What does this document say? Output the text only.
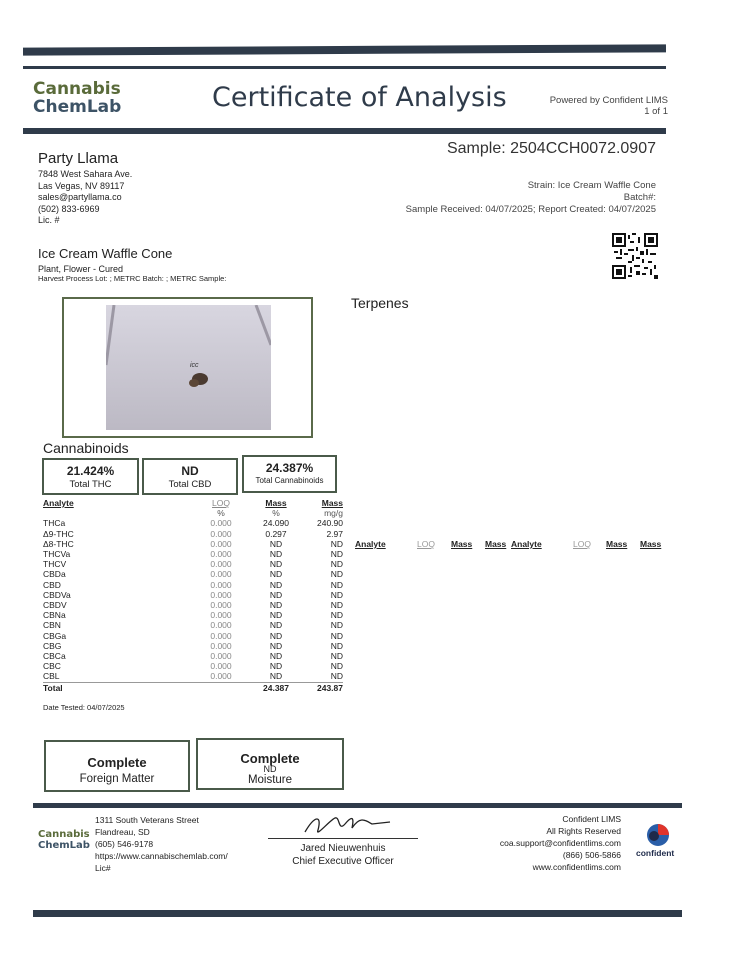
Cannabis
ChemLab	Certificate of Analysis	Powered by Confident LIMS
1 of 1
Party Llama
7848 West Sahara Ave.
Las Vegas, NV 89117
sales@partyllama.co
(502) 833-6969
Lic. #
Sample: 2504CCH0072.0907
Strain: Ice Cream Waffle Cone
Batch#:
Sample Received: 04/07/2025; Report Created: 04/07/2025
Ice Cream Waffle Cone
Plant, Flower - Cured
Harvest Process Lot: ; METRC Batch: ; METRC Sample:
icc
Terpenes
Cannabinoids
21.424%
Total THC
ND
Total CBD
24.387%
Total Cannabinoids
Analyte	LOQ	Mass	Mass
	%	%	mg/g
THCa	0.000	24.090	240.90
Δ9-THC	0.000	0.297	2.97
Δ8-THC	0.000	ND	ND
THCVa	0.000	ND	ND
THCV	0.000	ND	ND
CBDa	0.000	ND	ND
CBD	0.000	ND	ND
CBDVa	0.000	ND	ND
CBDV	0.000	ND	ND
CBNa	0.000	ND	ND
CBN	0.000	ND	ND
CBGa	0.000	ND	ND
CBG	0.000	ND	ND
CBCa	0.000	ND	ND
CBC	0.000	ND	ND
CBL	0.000	ND	ND
Total		24.387	243.87
Date Tested: 04/07/2025
Analyte	LOQ	Mass	Mass Analyte	LOQ	Mass	Mass
Complete
Foreign Matter
Complete
ND
Moisture
Cannabis
ChemLab
1311 South Veterans Street
Flandreau, SD
(605) 546-9178
https://www.cannabischemlab.com/
Lic#
Jared Nieuwenhuis
Chief Executive Officer
Confident LIMS
All Rights Reserved
coa.support@confidentlims.com
(866) 506-5866
www.confidentlims.com
confident
